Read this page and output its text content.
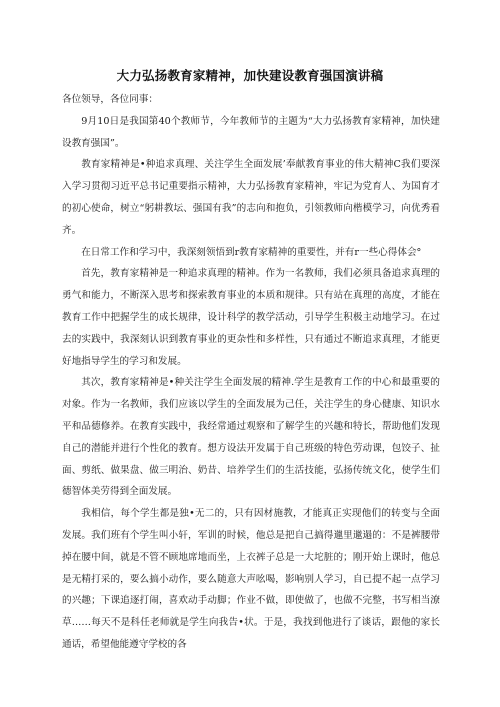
大力弘扬教育家精神，加快建设教育强国演讲稿

各位领导，各位同事：

9月10日是我国第40个教师节，今年教师节的主题为“大力弘扬教育家精神，加快建设教育强国”。

教育家精神是•种追求真理、关注学生全面发展’奉献教育事业的伟大精神C我们要深入学习贯彻习近平总书记重要指示精神，大力弘扬教育家精神，牢记为党育人、为国育才的初心使命，树立“躬耕教坛、强国有我”的志向和抱负，引领教师向楷模学习，向优秀看齐。

在日常工作和学习中，我深刻领悟到r教育家精神的重要性，并有r一些心得体会°

首先，教育家精神是一种追求真理的精神。作为一名教师，我们必须具备追求真理的勇气和能力，不断深入思考和探索教育事业的本质和规律。只有站在真理的高度，才能在教育工作中把握学生的成长规律，设计科学的教学活动，引导学生积极主动地学习。在过去的实践中，我深刻认识到教育事业的更杂性和多样性，只有通过不断追求真理，才能更好地指导学生的学习和发展。

其次，教育家精神是•种关注学生全面发展的精神.学生是教育工作的中心和最重要的对象。作为一名教师，我们应该以学生的全面发展为己任，关注学生的身心健康、知识水平和品德修养。在教育实践中，我经常通过观察和了解学生的兴趣和特长，帮助他们发现自己的潜能并进行个性化的教育。想方设法开发属于自己班级的特色劳动课，包饺子、扯面、剪纸、做果盘、做三明治、奶昔、培养学生们的生活技能，弘扬传统文化，使学生们德智体美劳得到全面发展。

我相信，每个学生都是独•无二的，只有因材施教，才能真正实现他们的转变与全面发展。我们班有个学生叫小轩，军训的时候，他总是把自己搞得邋里邋遢的：不是裤腰带掉在腰中间，就是不管不顾地席地而坐，上衣裤子总是一大坨脏的；刚开始上课时，他总是无精打采的，要么搞小动作，要么随意大声吆喝，影响别人学习，自已提不起一点学习的兴趣；下课追逐打闹，喜欢动手动脚；作业不做，即使做了，也做不完整，书写相当潦草……每天不是科任老师就是学生向我告•状。于是，我找到他进行了谈话，跟他的家长通话，希望他能遵守学校的各
